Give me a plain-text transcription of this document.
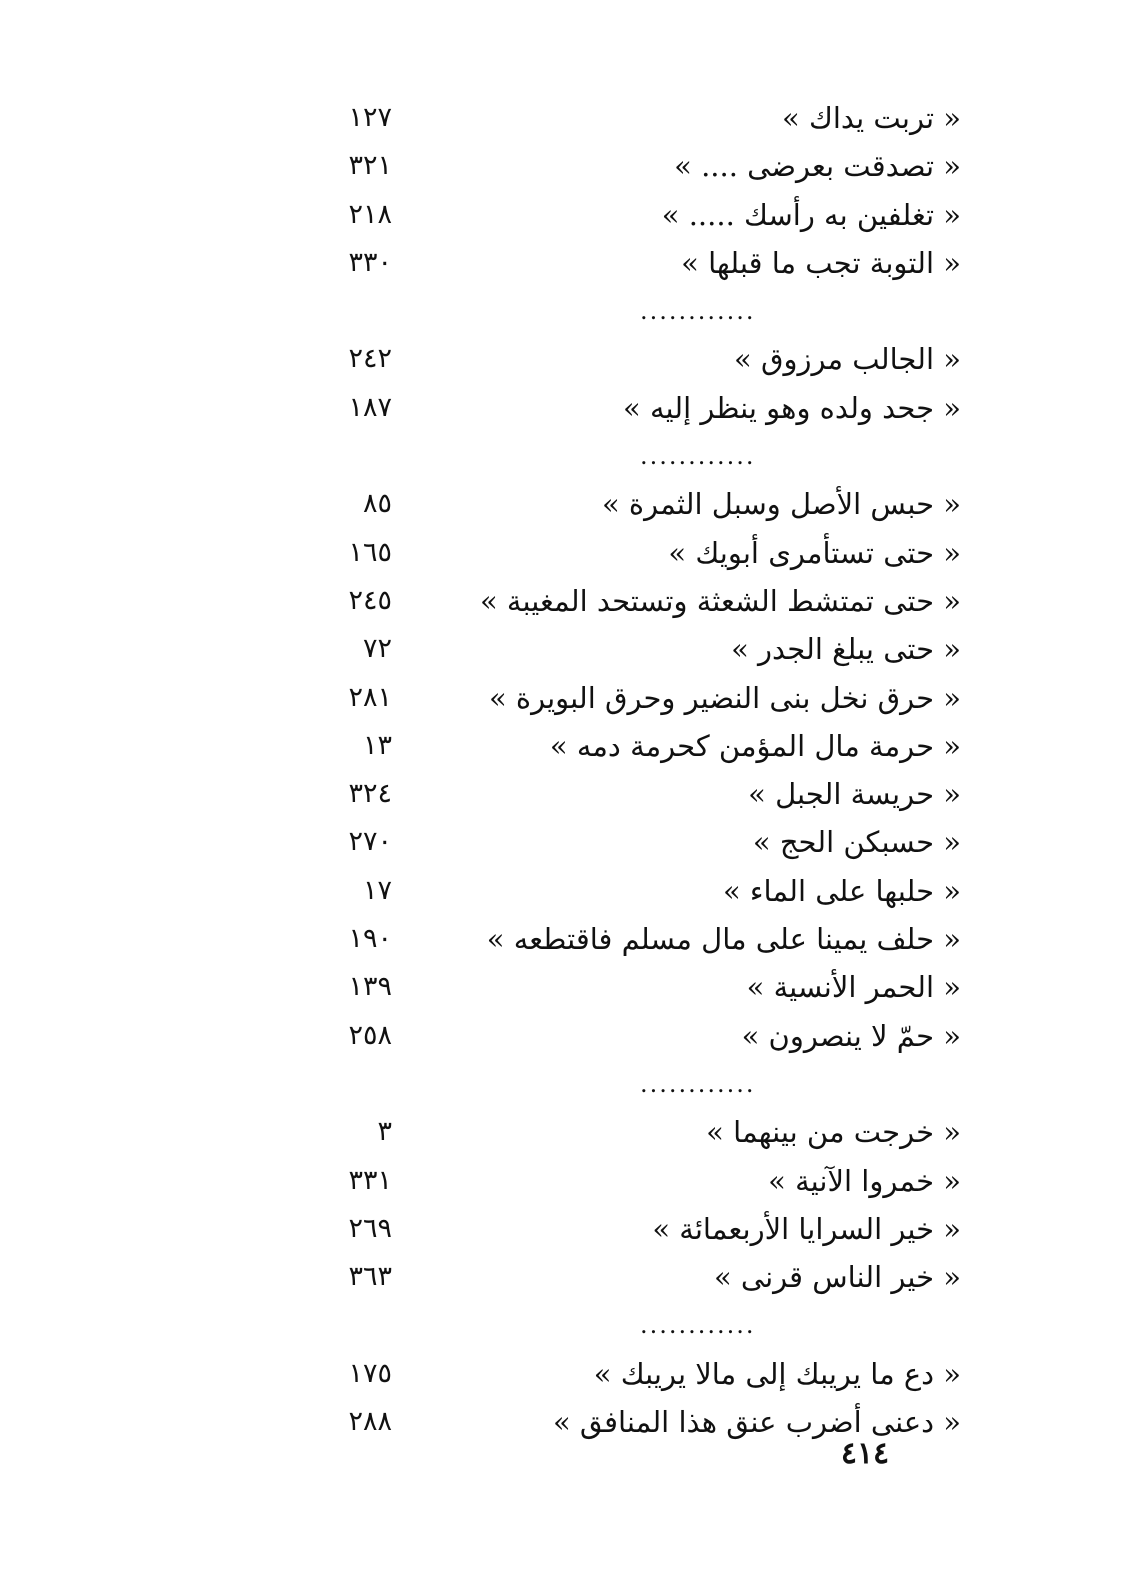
« تربت يداك »
١٢٧
« تصدقت بعرضى .... »
٣٢١
« تغلفين به رأسك ..... »
٢١٨
« التوبة تجب ما قبلها »
٣٣٠
............
« الجالب مرزوق »
٢٤٢
« جحد ولده وهو ينظر إليه »
١٨٧
............
« حبس الأصل وسبل الثمرة »
٨٥
« حتى تستأمرى أبويك »
١٦٥
« حتى تمتشط الشعثة وتستحد المغيبة »
٢٤٥
« حتى يبلغ الجدر »
٧٢
« حرق نخل بنى النضير وحرق البويرة »
٢٨١
« حرمة مال المؤمن كحرمة دمه »
١٣
« حريسة الجبل »
٣٢٤
« حسبكن الحج »
٢٧٠
« حلبها على الماء »
١٧
« حلف يمينا على مال مسلم فاقتطعه »
١٩٠
« الحمر الأنسية »
١٣٩
« حمّ لا ينصرون »
٢٥٨
............
« خرجت من بينهما »
٣
« خمروا الآنية »
٣٣١
« خير السرايا الأربعمائة »
٢٦٩
« خير الناس قرنى »
٣٦٣
............
« دع ما يريبك إلى مالا يريبك »
١٧٥
« دعنى أضرب عنق هذا المنافق »
٢٨٨
٤١٤
